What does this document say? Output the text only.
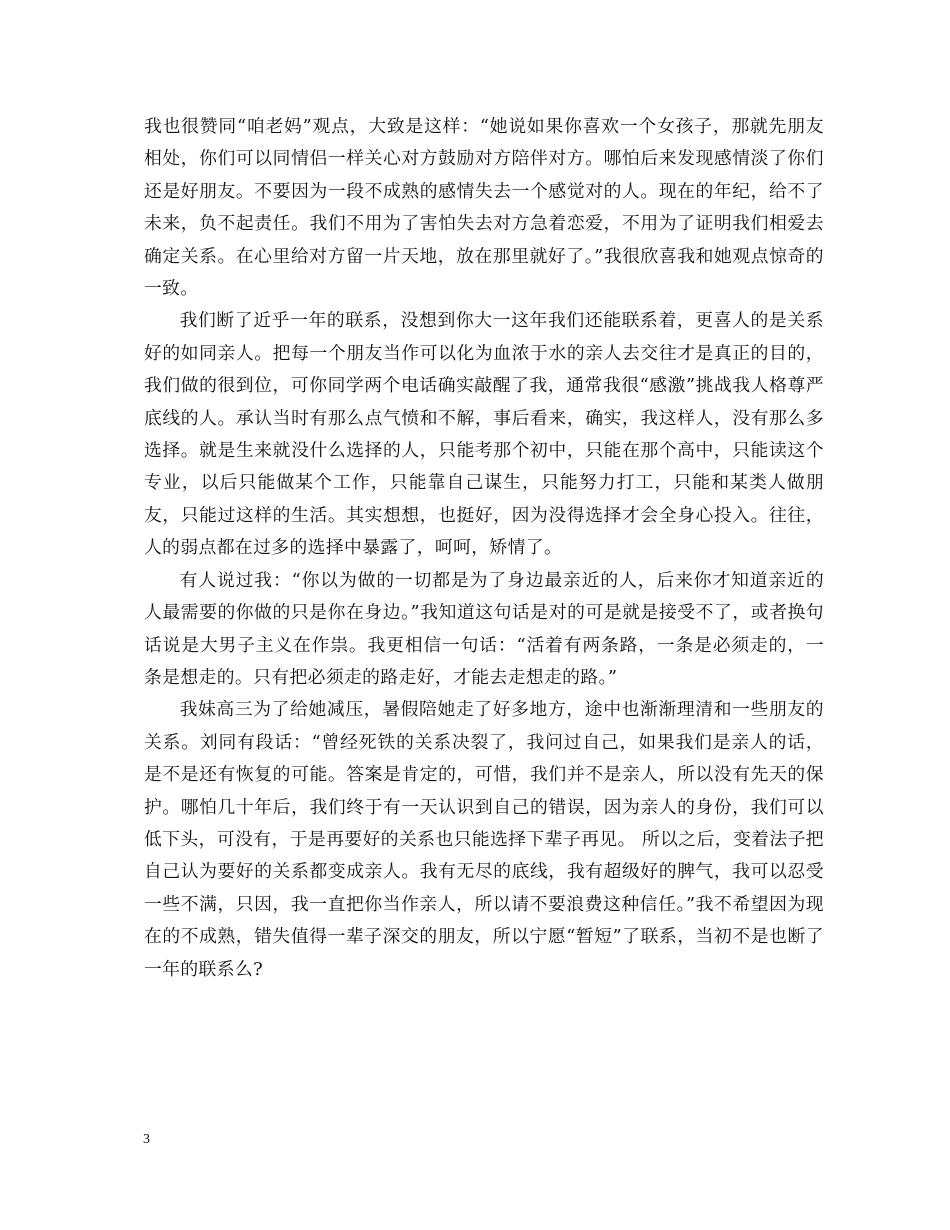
我也很赞同“咱老妈”观点，大致是这样：“她说如果你喜欢一个女孩子，那就先朋友相处，你们可以同情侣一样关心对方鼓励对方陪伴对方。哪怕后来发现感情淡了你们还是好朋友。不要因为一段不成熟的感情失去一个感觉对的人。现在的年纪，给不了未来，负不起责任。我们不用为了害怕失去对方急着恋爱，不用为了证明我们相爱去确定关系。在心里给对方留一片天地，放在那里就好了。”我很欣喜我和她观点惊奇的一致。

我们断了近乎一年的联系，没想到你大一这年我们还能联系着，更喜人的是关系好的如同亲人。把每一个朋友当作可以化为血浓于水的亲人去交往才是真正的目的，我们做的很到位，可你同学两个电话确实敲醒了我，通常我很“感激”挑战我人格尊严底线的人。承认当时有那么点气愤和不解，事后看来，确实，我这样人，没有那么多选择。就是生来就没什么选择的人，只能考那个初中，只能在那个高中，只能读这个专业，以后只能做某个工作，只能靠自己谋生，只能努力打工，只能和某类人做朋友，只能过这样的生活。其实想想，也挺好，因为没得选择才会全身心投入。往往，人的弱点都在过多的选择中暴露了，呵呵，矫情了。

有人说过我：“你以为做的一切都是为了身边最亲近的人，后来你才知道亲近的人最需要的你做的只是你在身边。”我知道这句话是对的可是就是接受不了，或者换句话说是大男子主义在作祟。我更相信一句话：“活着有两条路，一条是必须走的，一条是想走的。只有把必须走的路走好，才能去走想走的路。”

我妹高三为了给她减压，暑假陪她走了好多地方，途中也渐渐理清和一些朋友的关系。刘同有段话：“曾经死铁的关系决裂了，我问过自己，如果我们是亲人的话，是不是还有恢复的可能。答案是肯定的，可惜，我们并不是亲人，所以没有先天的保护。哪怕几十年后，我们终于有一天认识到自己的错误，因为亲人的身份，我们可以低下头，可没有，于是再要好的关系也只能选择下辈子再见。 所以之后，变着法子把自己认为要好的关系都变成亲人。我有无尽的底线，我有超级好的脾气，我可以忍受一些不满，只因，我一直把你当作亲人，所以请不要浪费这种信任。”我不希望因为现在的不成熟，错失值得一辈子深交的朋友，所以宁愿“暂短”了联系，当初不是也断了一年的联系么?

3
